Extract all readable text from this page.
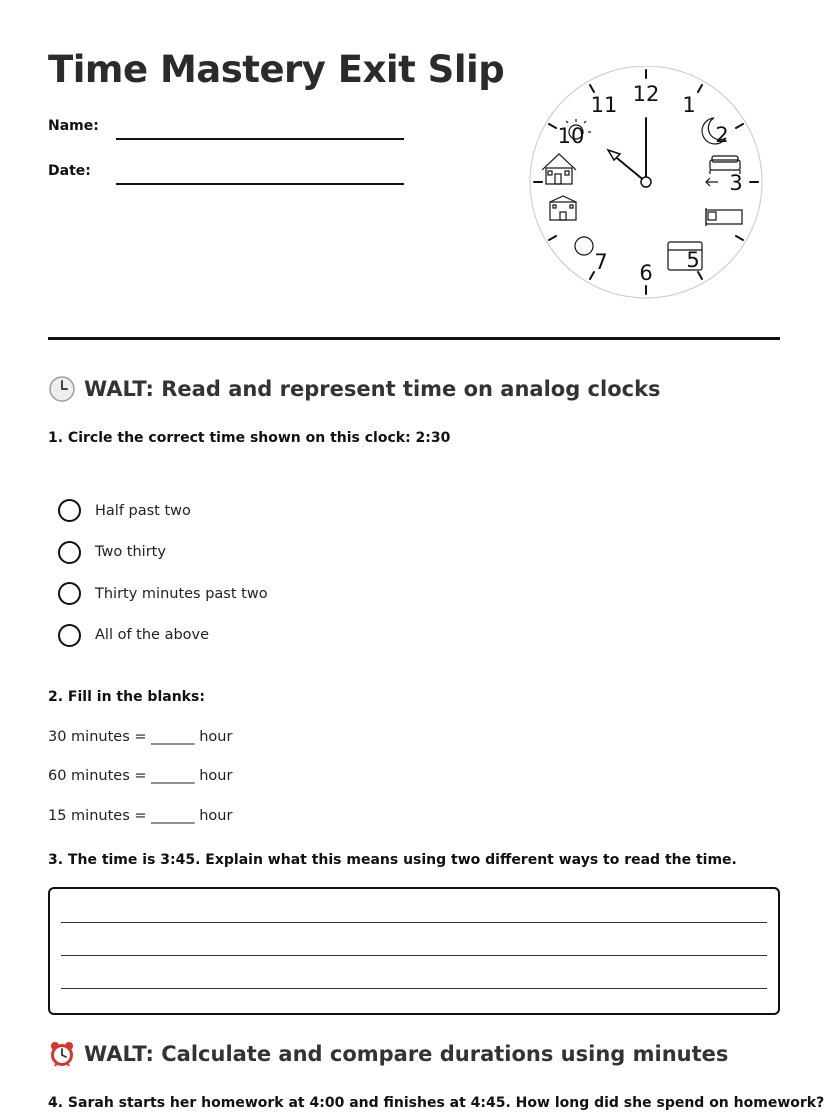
Time Mastery Exit Slip
Name:
Date:
12 1
2
3
5
6
7
10
11
WALT: Read and represent time on analog clocks
1. Circle the correct time shown on this clock: 2:30
Half past two
Two thirty
Thirty minutes past two
All of the above
2. Fill in the blanks:
30 minutes = ______ hour
60 minutes = ______ hour
15 minutes = ______ hour
3. The time is 3:45. Explain what this means using two different ways to read the time.
WALT: Calculate and compare durations using minutes
4. Sarah starts her homework at 4:00 and finishes at 4:45. How long did she spend on homework?
